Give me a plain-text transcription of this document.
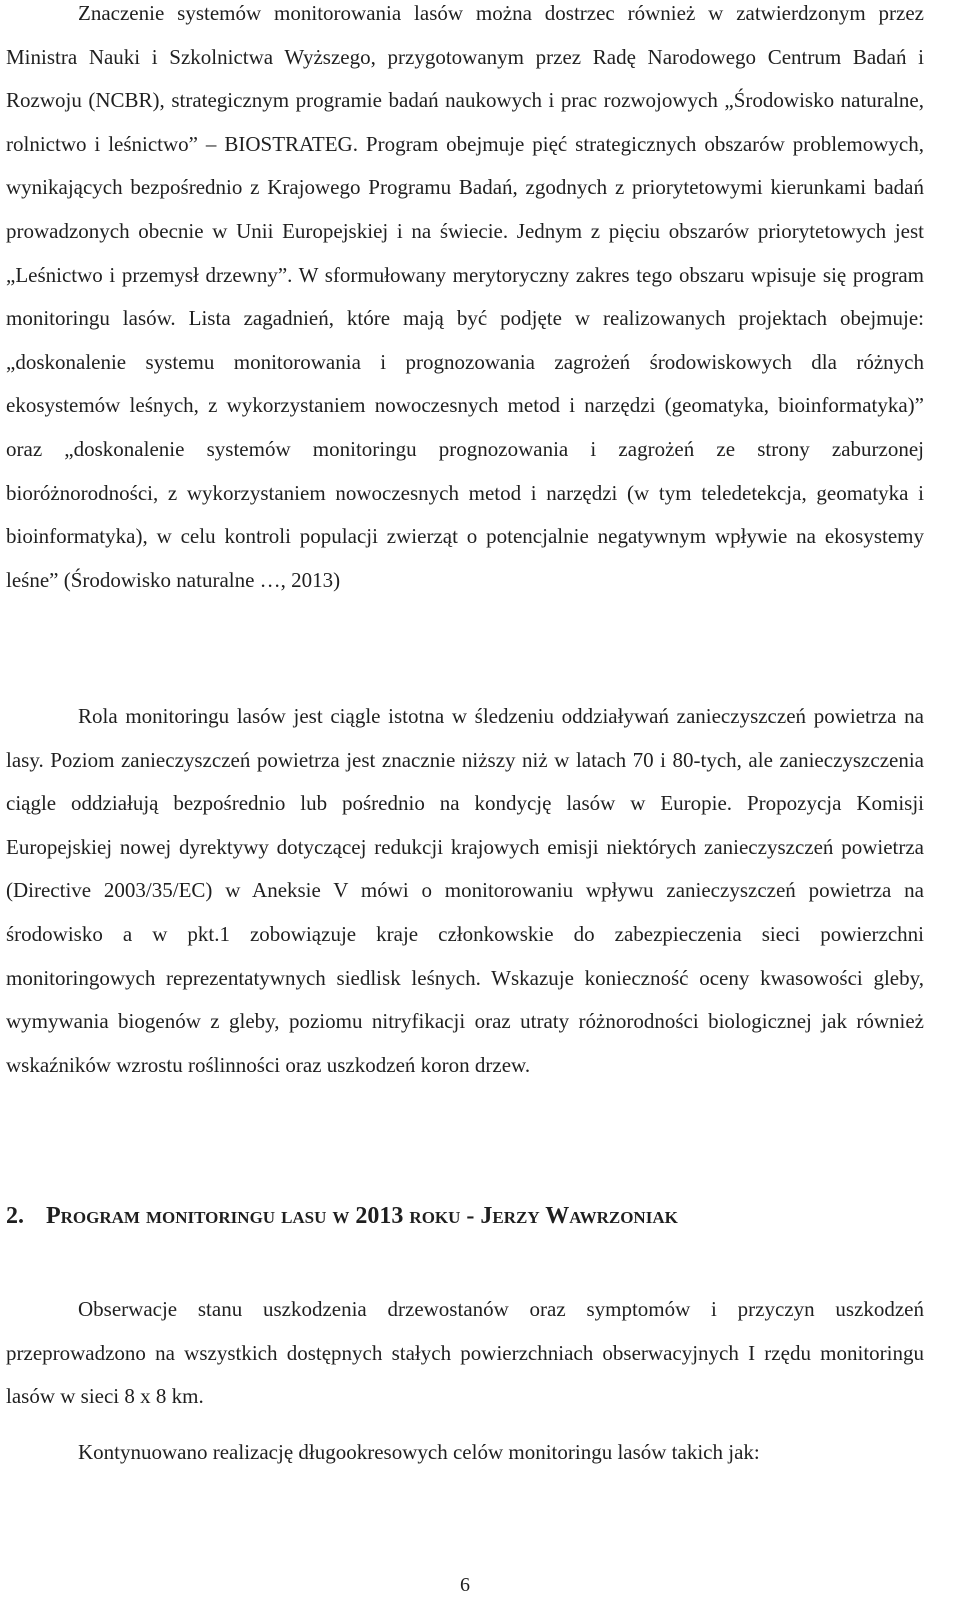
Znaczenie systemów monitorowania lasów można dostrzec również w zatwierdzonym przez Ministra Nauki i Szkolnictwa Wyższego, przygotowanym przez Radę Narodowego Centrum Badań i Rozwoju (NCBR), strategicznym programie badań naukowych i prac rozwojowych „Środowisko naturalne, rolnictwo i leśnictwo” – BIOSTRATEG. Program obejmuje pięć strategicznych obszarów problemowych, wynikających bezpośrednio z Krajowego Programu Badań, zgodnych z priorytetowymi kierunkami badań prowadzonych obecnie w Unii Europejskiej i na świecie. Jednym z pięciu obszarów priorytetowych jest „Leśnictwo i przemysł drzewny”. W sformułowany merytoryczny zakres tego obszaru wpisuje się program monitoringu lasów. Lista zagadnień, które mają być podjęte w realizowanych projektach obejmuje: „doskonalenie systemu monitorowania i prognozowania zagrożeń środowiskowych dla różnych ekosystemów leśnych, z wykorzystaniem nowoczesnych metod i narzędzi (geomatyka, bioinformatyka)” oraz „doskonalenie systemów monitoringu prognozowania i zagrożeń ze strony zaburzonej bioróżnorodności, z wykorzystaniem nowoczesnych metod i narzędzi (w tym teledetekcja, geomatyka i bioinformatyka), w celu kontroli populacji zwierząt o potencjalnie negatywnym wpływie na ekosystemy leśne” (Środowisko naturalne …, 2013)

Rola monitoringu lasów jest ciągle istotna w śledzeniu oddziaływań zanieczyszczeń powietrza na lasy. Poziom zanieczyszczeń powietrza jest znacznie niższy niż w latach 70 i 80-tych, ale zanieczyszczenia ciągle oddziałują bezpośrednio lub pośrednio na kondycję lasów w Europie. Propozycja Komisji Europejskiej nowej dyrektywy dotyczącej redukcji krajowych emisji niektórych zanieczyszczeń powietrza (Directive 2003/35/EC) w Aneksie V mówi o monitorowaniu wpływu zanieczyszczeń powietrza na środowisko a w pkt.1 zobowiązuje kraje członkowskie do zabezpieczenia sieci powierzchni monitoringowych reprezentatywnych siedlisk leśnych. Wskazuje konieczność oceny kwasowości gleby, wymywania biogenów z gleby, poziomu nitryfikacji oraz utraty różnorodności biologicznej jak również wskaźników wzrostu roślinności oraz uszkodzeń koron drzew.

2. Program monitoringu lasu w 2013 roku - Jerzy Wawrzoniak

Obserwacje stanu uszkodzenia drzewostanów oraz symptomów i przyczyn uszkodzeń przeprowadzono na wszystkich dostępnych stałych powierzchniach obserwacyjnych I rzędu monitoringu lasów w sieci 8 x 8 km.

Kontynuowano realizację długookresowych celów monitoringu lasów takich jak:

6
